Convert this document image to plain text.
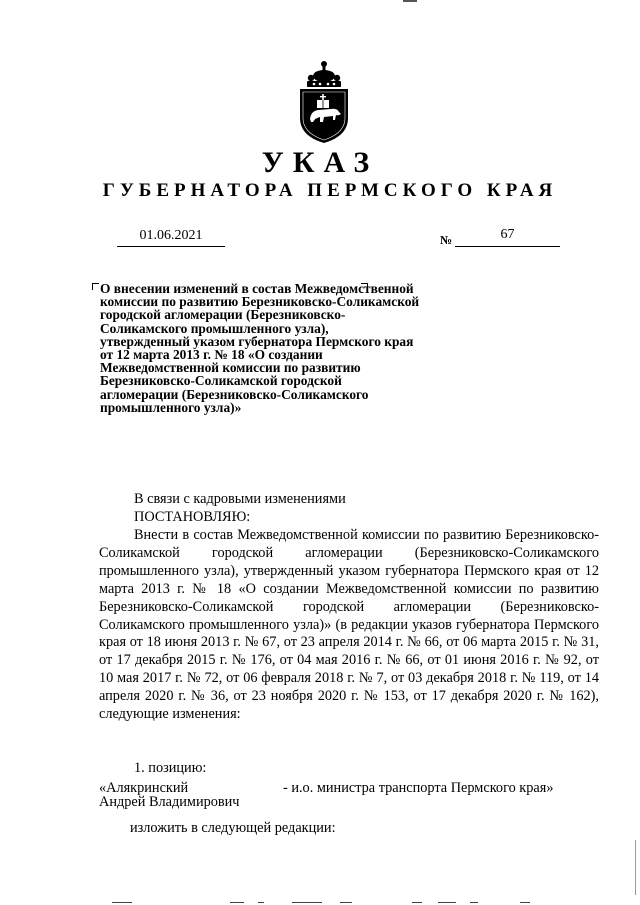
УКАЗ
ГУБЕРНАТОРА ПЕРМСКОГО КРАЯ
01.06.2021	№	67
О внесении изменений в состав Межведомственной комиссии по развитию Березниковско-Соликамской городской агломерации (Березниковско-Соликамского промышленного узла), утвержденный указом губернатора Пермского края от 12 марта 2013 г. № 18 «О создании Межведомственной комиссии по развитию Березниковско-Соликамской городской агломерации (Березниковско-Соликамского промышленного узла)»
В связи с кадровыми изменениями
ПОСТАНОВЛЯЮ:
Внести в состав Межведомственной комиссии по развитию Березниковско-Соликамской городской агломерации (Березниковско-Соликамского промышленного узла), утвержденный указом губернатора Пермского края от 12 марта 2013 г. № 18 «О создании Межведомственной комиссии по развитию Березниковско-Соликамской городской агломерации (Березниковско-Соликамского промышленного узла)» (в редакции указов губернатора Пермского края от 18 июня 2013 г. № 67, от 23 апреля 2014 г. № 66, от 06 марта 2015 г. № 31, от 17 декабря 2015 г. № 176, от 04 мая 2016 г. № 66, от 01 июня 2016 г. № 92, от 10 мая 2017 г. № 72, от 06 февраля 2018 г. № 7, от 03 декабря 2018 г. № 119, от 14 апреля 2020 г. № 36, от 23 ноября 2020 г. № 153, от 17 декабря 2020 г. № 162), следующие изменения:
1. позицию:
«Алякринский
Андрей Владимирович
- и.о. министра транспорта Пермского края»
изложить в следующей редакции:
